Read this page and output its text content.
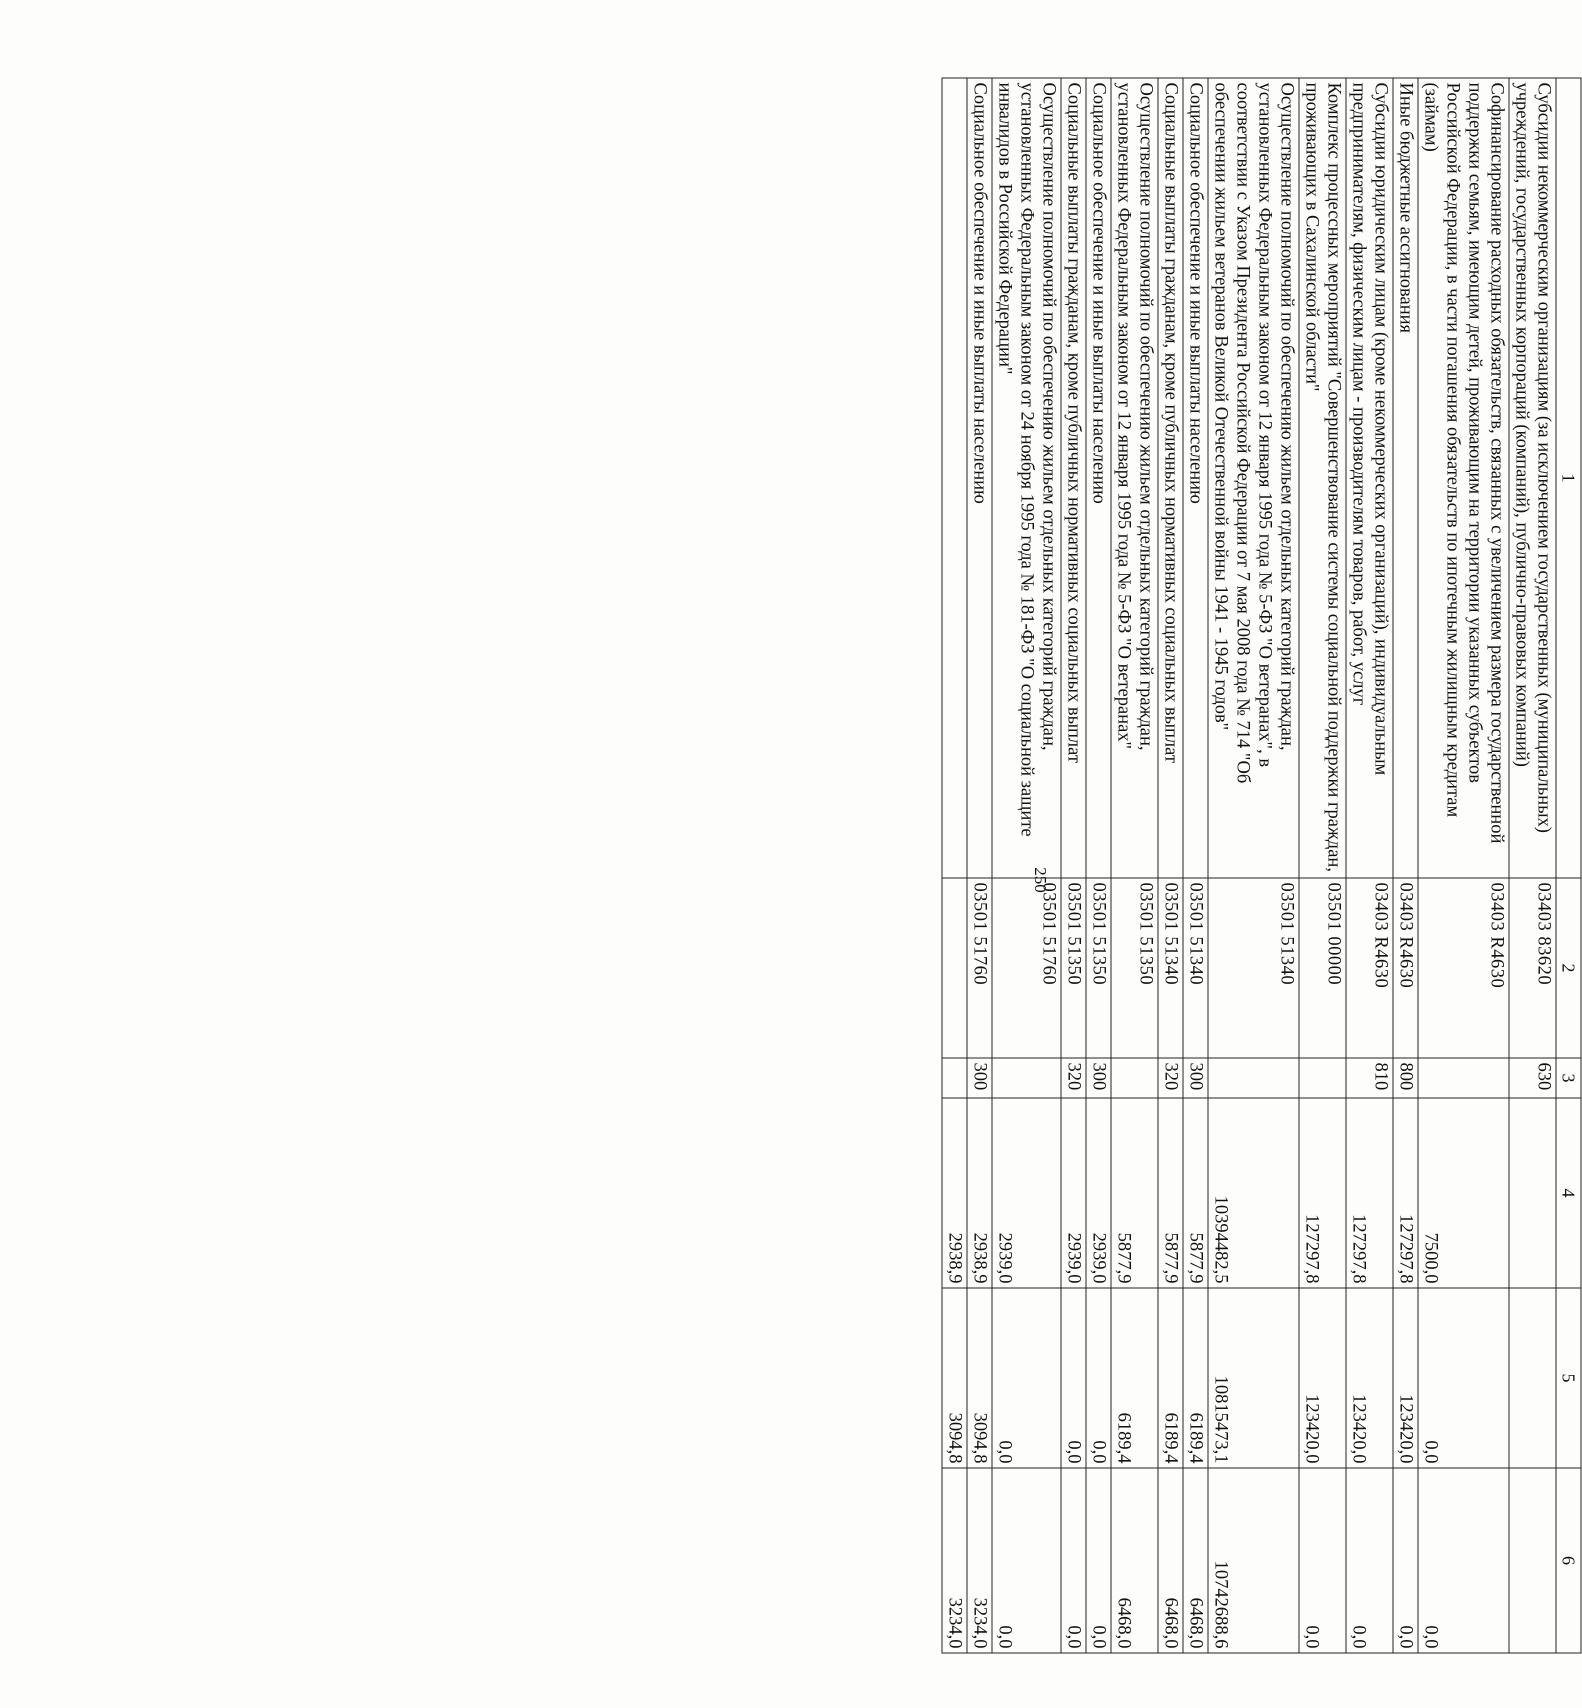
250
1	2	3	4	5	6
Субсидии некоммерческим организациям (за исключением государственных (муниципальных) учреждений, государственных корпораций (компаний), публично-правовых компаний)	03403 83620	630			
Софинансирование расходных обязательств, связанных с увеличением размера государственной поддержки семьям, имеющим детей, проживающим на территории указанных субъектов Российской Федерации, в части погашения обязательств по ипотечным жилищным кредитам (займам)	03403 R4630		7500,0	0,0	0,0
Иные бюджетные ассигнования	03403 R4630	800	127297,8	123420,0	0,0
Субсидии юридическим лицам (кроме некоммерческих организаций), индивидуальным предпринимателям, физическим лицам - производителям товаров, работ, услуг	03403 R4630	810	127297,8	123420,0	0,0
Комплекс процессных мероприятий "Совершенствование системы социальной поддержки граждан, проживающих в Сахалинской области"	03501 00000		127297,8	123420,0	0,0
Осуществление полномочий по обеспечению жильем отдельных категорий граждан, установленных Федеральным законом от 12 января 1995 года № 5-ФЗ "О ветеранах", в соответствии с Указом Президента Российской Федерации от 7 мая 2008 года № 714 "Об обеспечении жильем ветеранов Великой Отечественной войны 1941 - 1945 годов"	03501 51340		10394482,5	10815473,1	10742688,6
Социальное обеспечение и иные выплаты населению	03501 51340	300	5877,9	6189,4	6468,0
Социальные выплаты гражданам, кроме публичных нормативных социальных выплат	03501 51340	320	5877,9	6189,4	6468,0
Осуществление полномочий по обеспечению жильем отдельных категорий граждан, установленных Федеральным законом от 12 января 1995 года № 5-ФЗ "О ветеранах"	03501 51350		5877,9	6189,4	6468,0
Социальное обеспечение и иные выплаты населению	03501 51350	300	2939,0	0,0	0,0
Социальные выплаты гражданам, кроме публичных нормативных социальных выплат	03501 51350	320	2939,0	0,0	0,0
Осуществление полномочий по обеспечению жильем отдельных категорий граждан, установленных Федеральным законом от 24 ноября 1995 года № 181-ФЗ "О социальной защите инвалидов в Российской Федерации"	03501 51760		2939,0	0,0	0,0
Социальное обеспечение и иные выплаты населению	03501 51760	300	2938,9	3094,8	3234,0
			2938,9	3094,8	3234,0
